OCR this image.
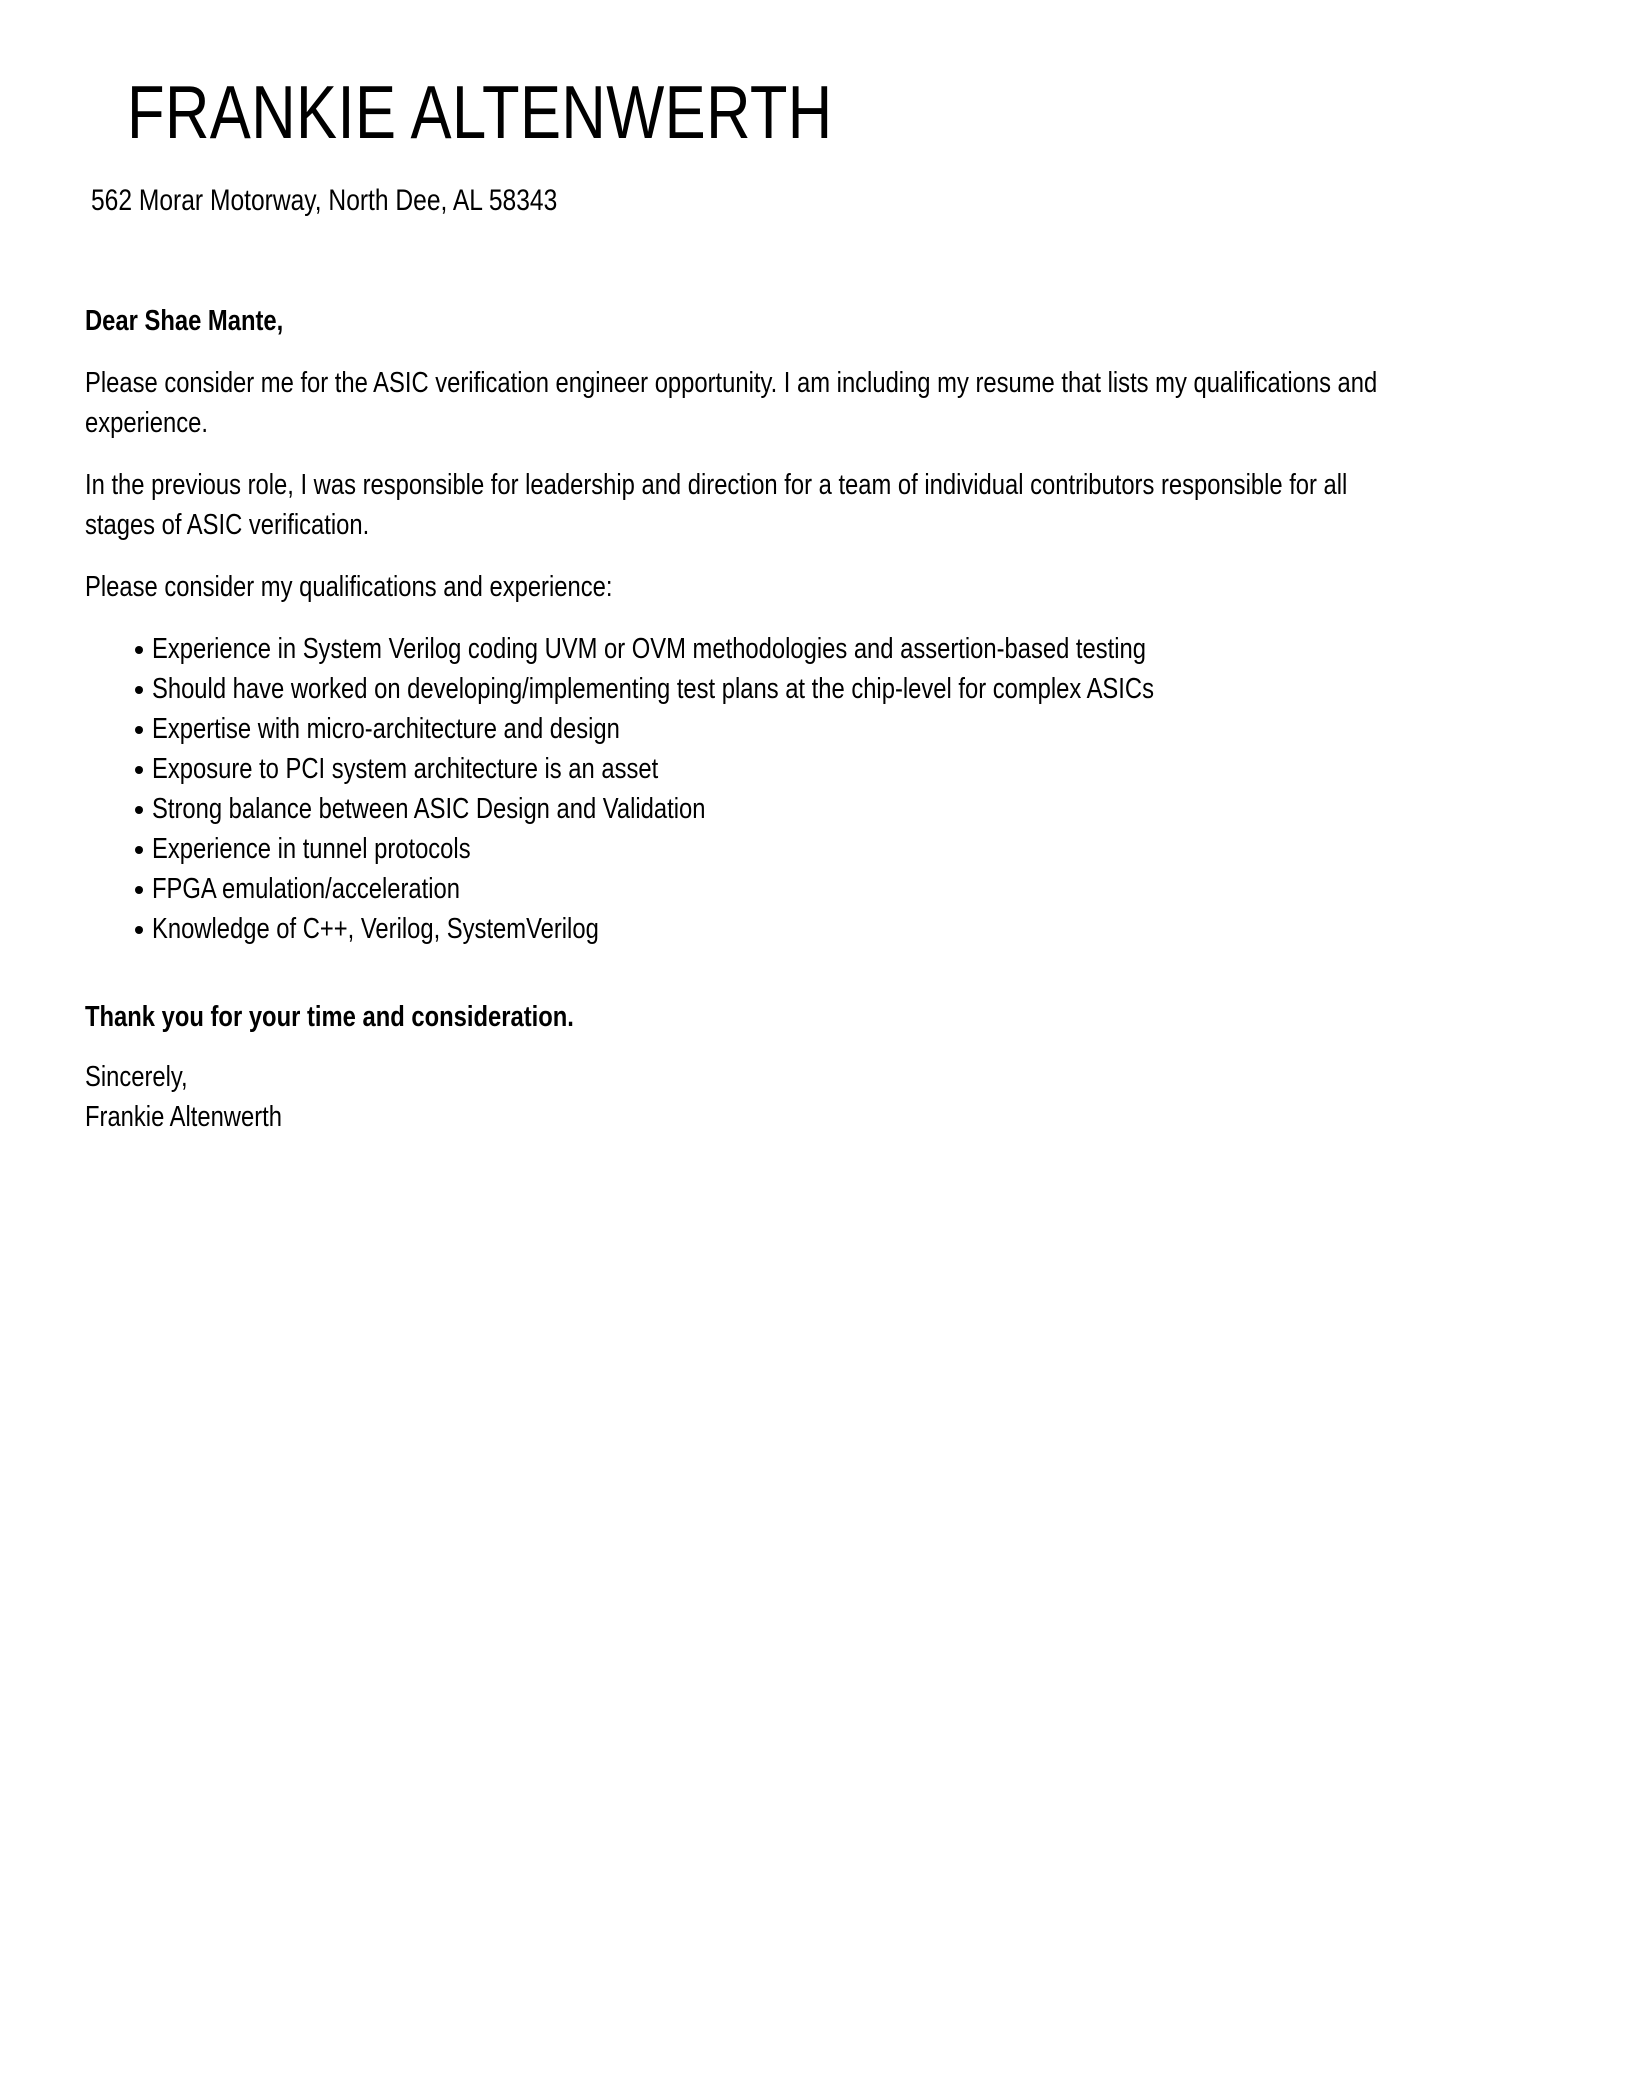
FRANKIE ALTENWERTH
562 Morar Motorway, North Dee, AL 58343

Dear Shae Mante,

Please consider me for the ASIC verification engineer opportunity. I am including my resume that lists my qualifications and
experience.

In the previous role, I was responsible for leadership and direction for a team of individual contributors responsible for all
stages of ASIC verification.

Please consider my qualifications and experience:

Experience in System Verilog coding UVM or OVM methodologies and assertion-based testing
Should have worked on developing/implementing test plans at the chip-level for complex ASICs
Expertise with micro-architecture and design
Exposure to PCI system architecture is an asset
Strong balance between ASIC Design and Validation
Experience in tunnel protocols
FPGA emulation/acceleration
Knowledge of C++, Verilog, SystemVerilog

Thank you for your time and consideration.

Sincerely,
Frankie Altenwerth
